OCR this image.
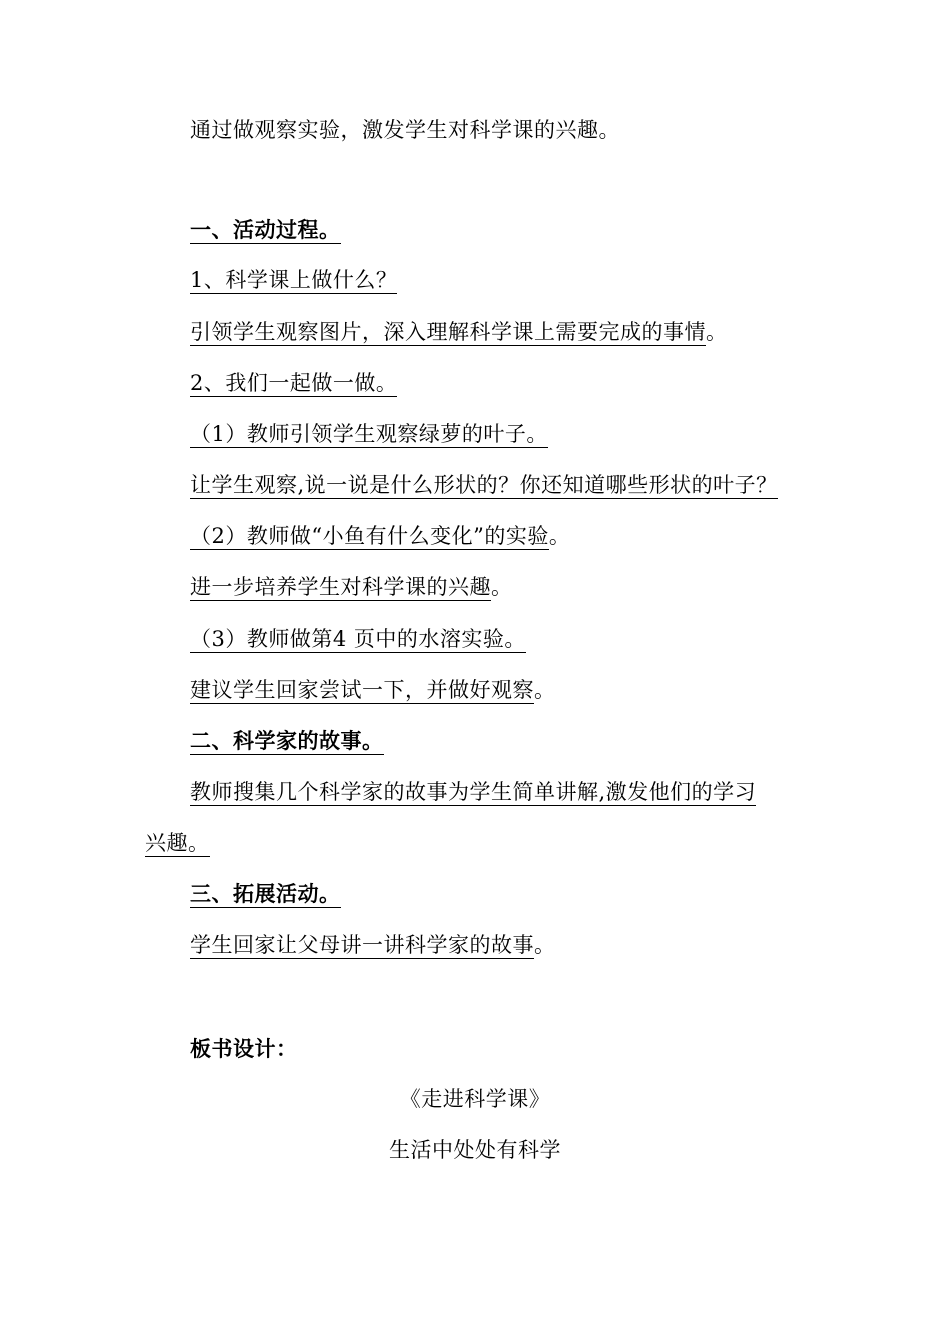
通过做观察实验，激发学生对科学课的兴趣。
一、活动过程。
1、科学课上做什么？
引领学生观察图片，深入理解科学课上需要完成的事情。
2、我们一起做一做。
（1）教师引领学生观察绿萝的叶子。
让学生观察,说一说是什么形状的？你还知道哪些形状的叶子？
（2）教师做“小鱼有什么变化”的实验。
进一步培养学生对科学课的兴趣。
（3）教师做第4 页中的水溶实验。
建议学生回家尝试一下，并做好观察。
二、科学家的故事。
教师搜集几个科学家的故事为学生简单讲解,激发他们的学习
兴趣。
三、拓展活动。
学生回家让父母讲一讲科学家的故事。
板书设计：
《走进科学课》
生活中处处有科学
